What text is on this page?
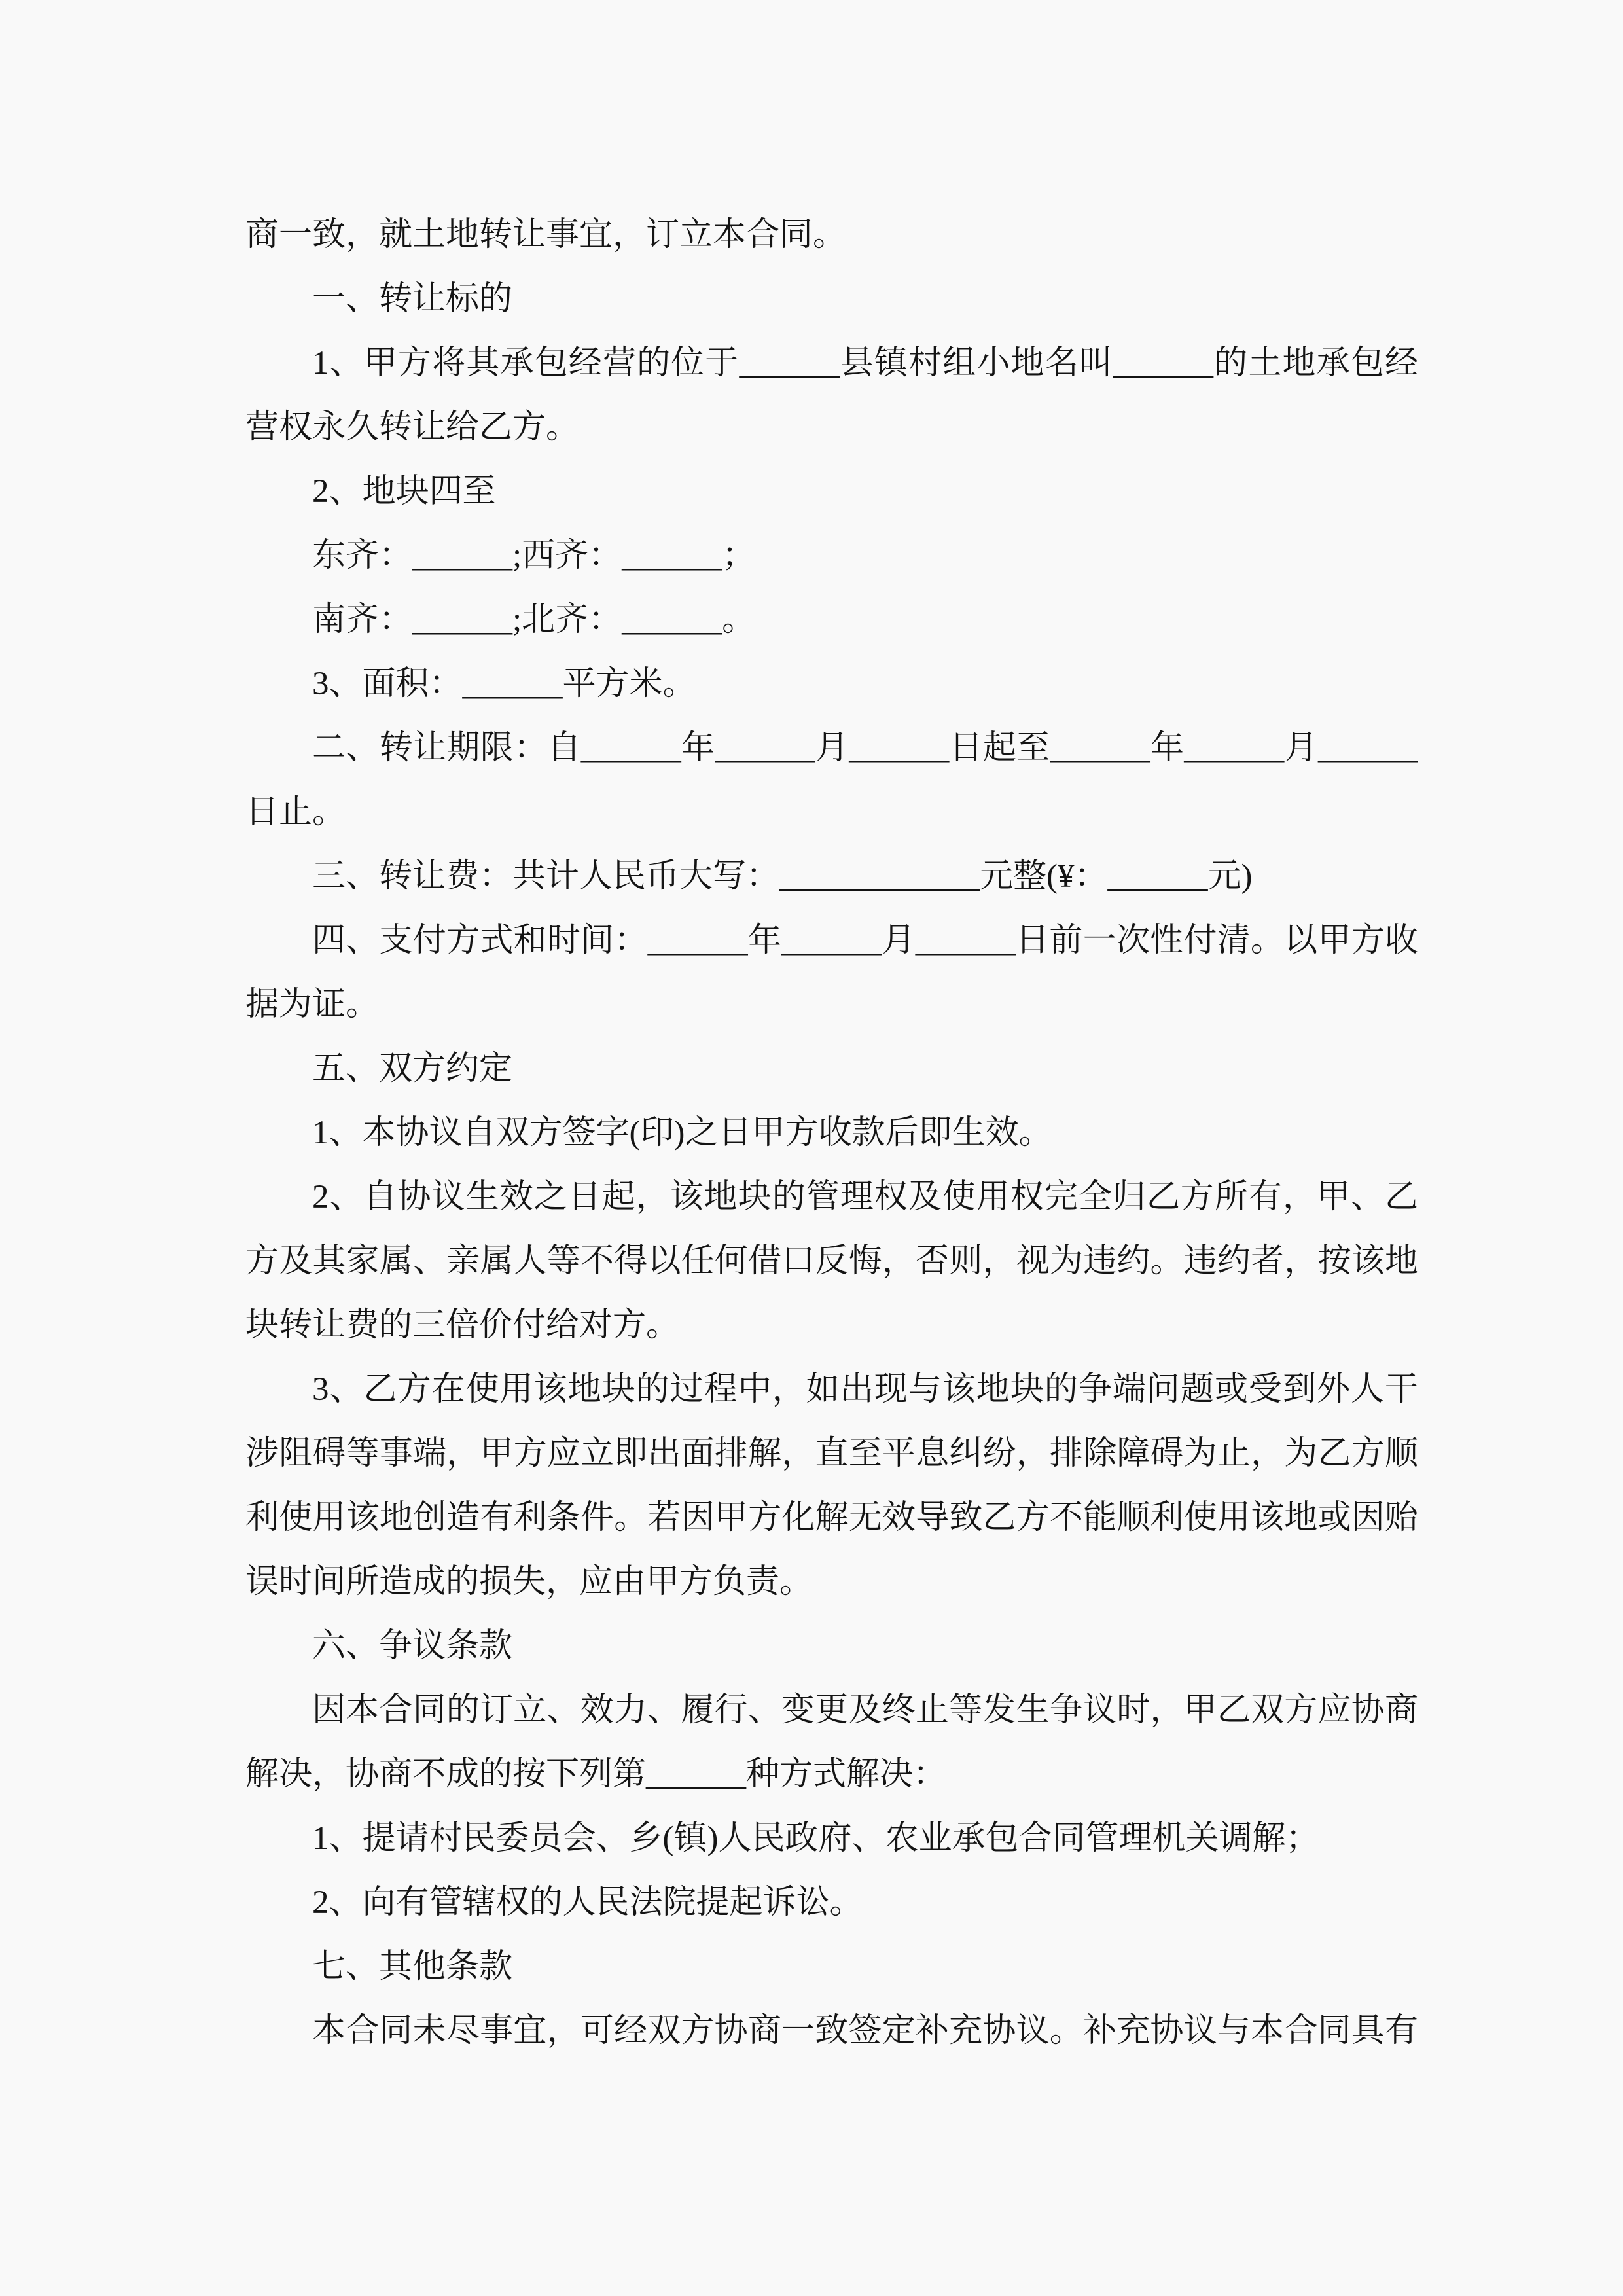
商一致，就土地转让事宜，订立本合同。
一、转让标的
1、甲方将其承包经营的位于______县镇村组小地名叫______的土地承包经
营权永久转让给乙方。
2、地块四至
东齐：______;西齐：______；
南齐：______;北齐：______。
3、面积：______平方米。
二、转让期限：自______年______月______日起至______年______月______
日止。
三、转让费：共计人民币大写：____________元整(¥：______元)
四、支付方式和时间：______年______月______日前一次性付清。以甲方收
据为证。
五、双方约定
1、本协议自双方签字(印)之日甲方收款后即生效。
2、自协议生效之日起，该地块的管理权及使用权完全归乙方所有，甲、乙
方及其家属、亲属人等不得以任何借口反悔，否则，视为违约。违约者，按该地
块转让费的三倍价付给对方。
3、乙方在使用该地块的过程中，如出现与该地块的争端问题或受到外人干
涉阻碍等事端，甲方应立即出面排解，直至平息纠纷，排除障碍为止，为乙方顺
利使用该地创造有利条件。若因甲方化解无效导致乙方不能顺利使用该地或因贻
误时间所造成的损失，应由甲方负责。
六、争议条款
因本合同的订立、效力、履行、变更及终止等发生争议时，甲乙双方应协商
解决，协商不成的按下列第______种方式解决：
1、提请村民委员会、乡(镇)人民政府、农业承包合同管理机关调解；
2、向有管辖权的人民法院提起诉讼。
七、其他条款
本合同未尽事宜，可经双方协商一致签定补充协议。补充协议与本合同具有
